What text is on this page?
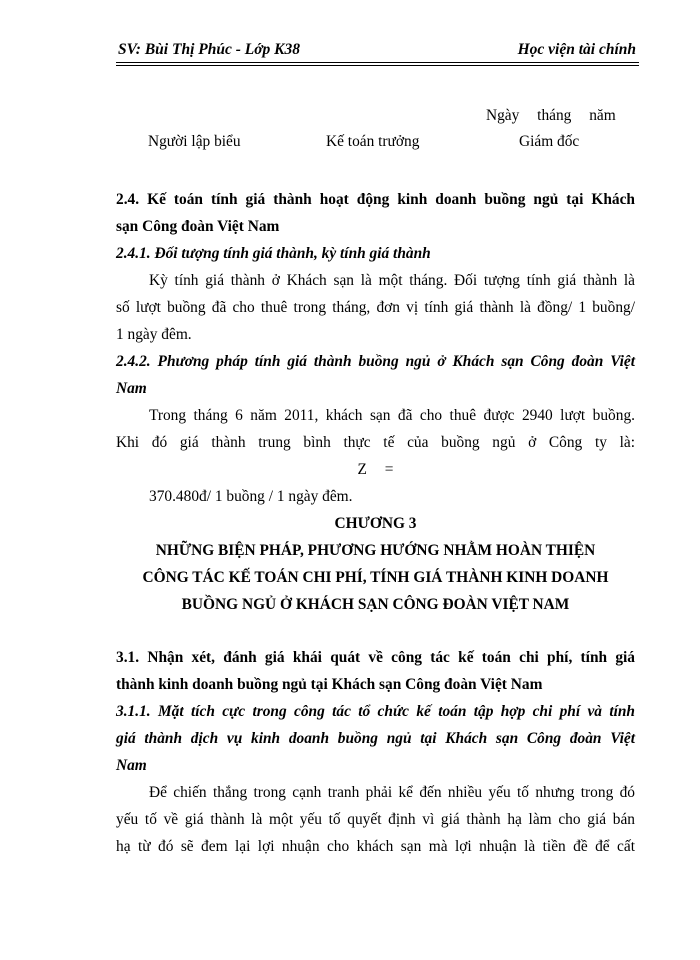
SV: Bùi Thị Phúc - Lớp K38	Học viện tài chính
Ngày tháng năm
Người lập biểu	Kế toán trưởng	Giám đốc
2.4. Kế toán tính giá thành hoạt động kinh doanh buồng ngủ tại Khách
sạn Công đoàn Việt Nam
2.4.1. Đối tượng tính giá thành, kỳ tính giá thành
Kỳ tính giá thành ở Khách sạn là một tháng. Đối tượng tính giá thành là
số lượt buồng đã cho thuê trong tháng, đơn vị tính giá thành là đồng/ 1 buồng/
1 ngày đêm.
2.4.2. Phương pháp tính giá thành buồng ngủ ở Khách sạn Công đoàn Việt
Nam
Trong tháng 6 năm 2011, khách sạn đã cho thuê được 2940 lượt buồng.
Khi đó giá thành trung bình thực tế của buồng ngủ ở Công ty là:
Z =
370.480đ/ 1 buồng / 1 ngày đêm.
CHƯƠNG 3
NHỮNG BIỆN PHÁP, PHƯƠNG HƯỚNG NHẰM HOÀN THIỆN
CÔNG TÁC KẾ TOÁN CHI PHÍ, TÍNH GIÁ THÀNH KINH DOANH
BUỒNG NGỦ Ở KHÁCH SẠN CÔNG ĐOÀN VIỆT NAM
3.1. Nhận xét, đánh giá khái quát về công tác kế toán chi phí, tính giá
thành kinh doanh buồng ngủ tại Khách sạn Công đoàn Việt Nam
3.1.1. Mặt tích cực trong công tác tổ chức kế toán tập hợp chi phí và tính
giá thành dịch vụ kinh doanh buồng ngủ tại Khách sạn Công đoàn Việt
Nam
Để chiến thắng trong cạnh tranh phải kể đến nhiều yếu tố nhưng trong đó
yếu tố về giá thành là một yếu tố quyết định vì giá thành hạ làm cho giá bán
hạ từ đó sẽ đem lại lợi nhuận cho khách sạn mà lợi nhuận là tiền đề để cất
